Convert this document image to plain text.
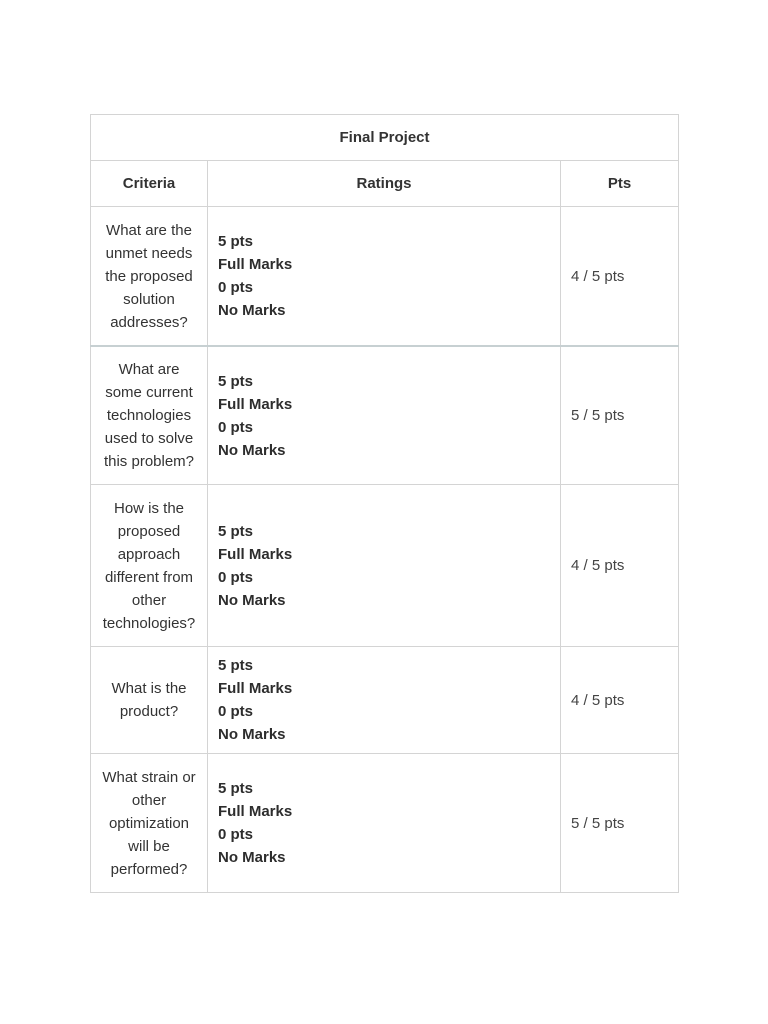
Final Project		
Criteria	Ratings	Pts
What are the unmet needs the proposed solution addresses?	5 pts
Full Marks
0 pts
No Marks	4 / 5 pts
What are some current technologies used to solve this problem?	5 pts
Full Marks
0 pts
No Marks	5 / 5 pts
How is the proposed approach different from other technologies?	5 pts
Full Marks
0 pts
No Marks	4 / 5 pts
What is the product?	5 pts
Full Marks
0 pts
No Marks	4 / 5 pts
What strain or other optimization will be performed?	5 pts
Full Marks
0 pts
No Marks	5 / 5 pts
